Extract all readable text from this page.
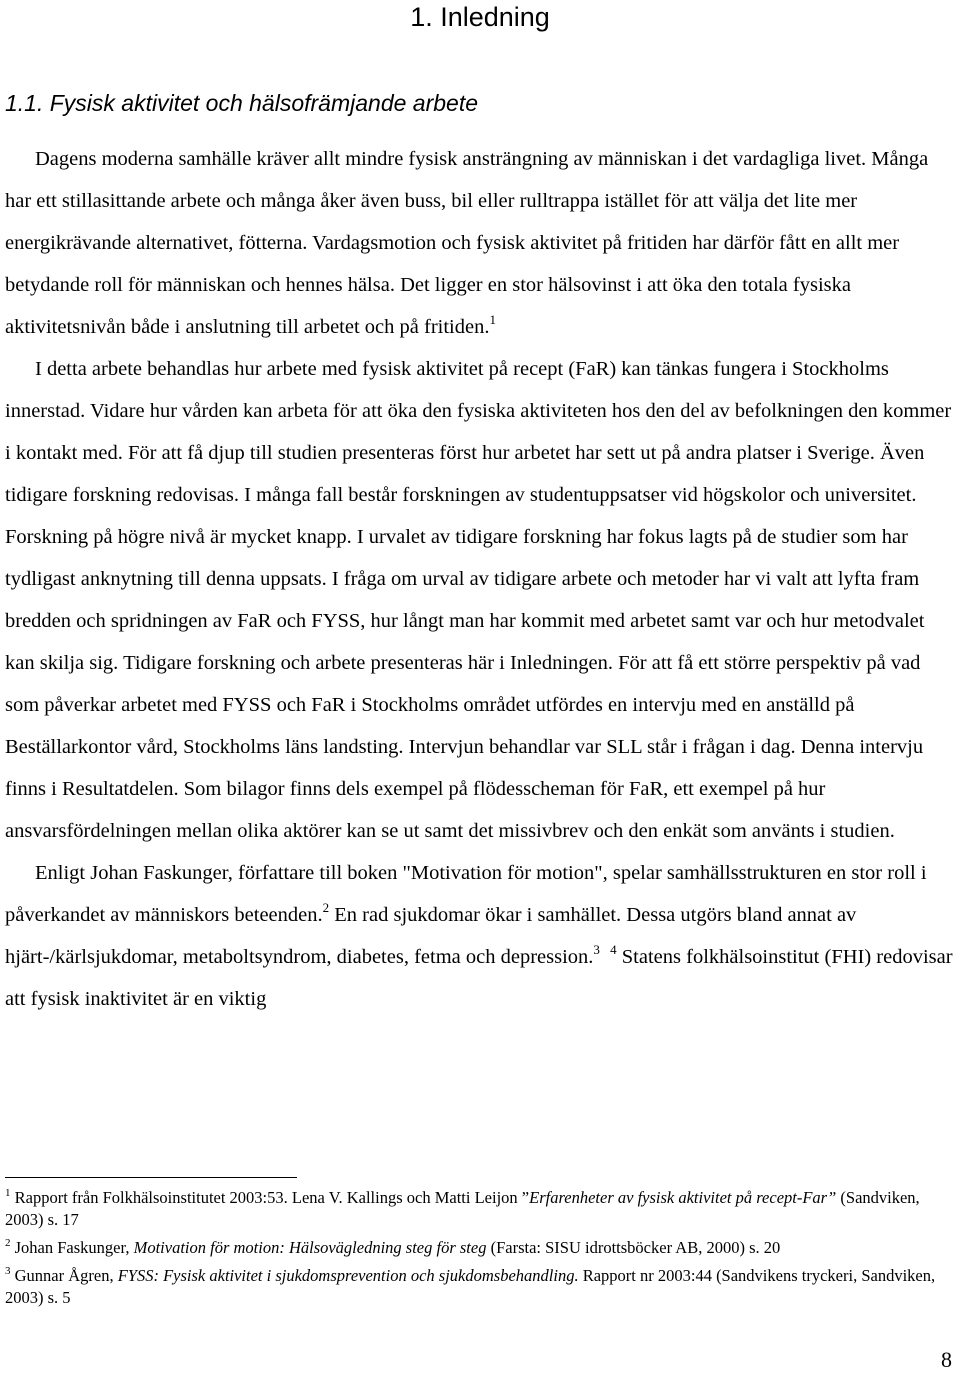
1. Inledning
1.1. Fysisk aktivitet och hälsofrämjande arbete

Dagens moderna samhälle kräver allt mindre fysisk ansträngning av människan i det vardagliga livet. Många har ett stillasittande arbete och många åker även buss, bil eller rulltrappa istället för att välja det lite mer energikrävande alternativet, fötterna. Vardagsmotion och fysisk aktivitet på fritiden har därför fått en allt mer betydande roll för människan och hennes hälsa. Det ligger en stor hälsovinst i att öka den totala fysiska aktivitetsnivån både i anslutning till arbetet och på fritiden.$^1$

I detta arbete behandlas hur arbete med fysisk aktivitet på recept (FaR) kan tänkas fungera i Stockholms innerstad. Vidare hur vården kan arbeta för att öka den fysiska aktiviteten hos den del av befolkningen den kommer i kontakt med. För att få djup till studien presenteras först hur arbetet har sett ut på andra platser i Sverige. Även tidigare forskning redovisas. I många fall består forskningen av studentuppsatser vid högskolor och universitet. Forskning på högre nivå är mycket knapp. I urvalet av tidigare forskning har fokus lagts på de studier som har tydligast anknytning till denna uppsats. I fråga om urval av tidigare arbete och metoder har vi valt att lyfta fram bredden och spridningen av FaR och FYSS, hur långt man har kommit med arbetet samt var och hur metodvalet kan skilja sig. Tidigare forskning och arbete presenteras här i Inledningen. För att få ett större perspektiv på vad som påverkar arbetet med FYSS och FaR i Stockholms området utfördes en intervju med en anställd på Beställarkontor vård, Stockholms läns landsting. Intervjun behandlar var SLL står i frågan i dag. Denna intervju finns i Resultatdelen. Som bilagor finns dels exempel på flödesscheman för FaR, ett exempel på hur ansvarsfördelningen mellan olika aktörer kan se ut samt det missivbrev och den enkät som använts i studien.

Enligt Johan Faskunger, författare till boken "Motivation för motion", spelar samhällsstrukturen en stor roll i påverkandet av människors beteenden.$^2$ En rad sjukdomar ökar i samhället. Dessa utgörs bland annat av hjärt-/kärlsjukdomar, metaboltsyndrom, diabetes, fetma och depression.$^3$ $^4$ Statens folkhälsoinstitut (FHI) redovisar att fysisk inaktivitet är en viktig

$^1$ Rapport från Folkhälsoinstitutet 2003:53. Lena V. Kallings och Matti Leijon ”Erfarenheter av fysisk aktivitet på recept-Far” (Sandviken, 2003) s. 17

$^2$ Johan Faskunger, Motivation för motion: Hälsovägledning steg för steg (Farsta: SISU idrottsböcker AB, 2000) s. 20

$^3$ Gunnar Ågren, FYSS: Fysisk aktivitet i sjukdomsprevention och sjukdomsbehandling. Rapport nr 2003:44 (Sandvikens tryckeri, Sandviken, 2003) s. 5

8
